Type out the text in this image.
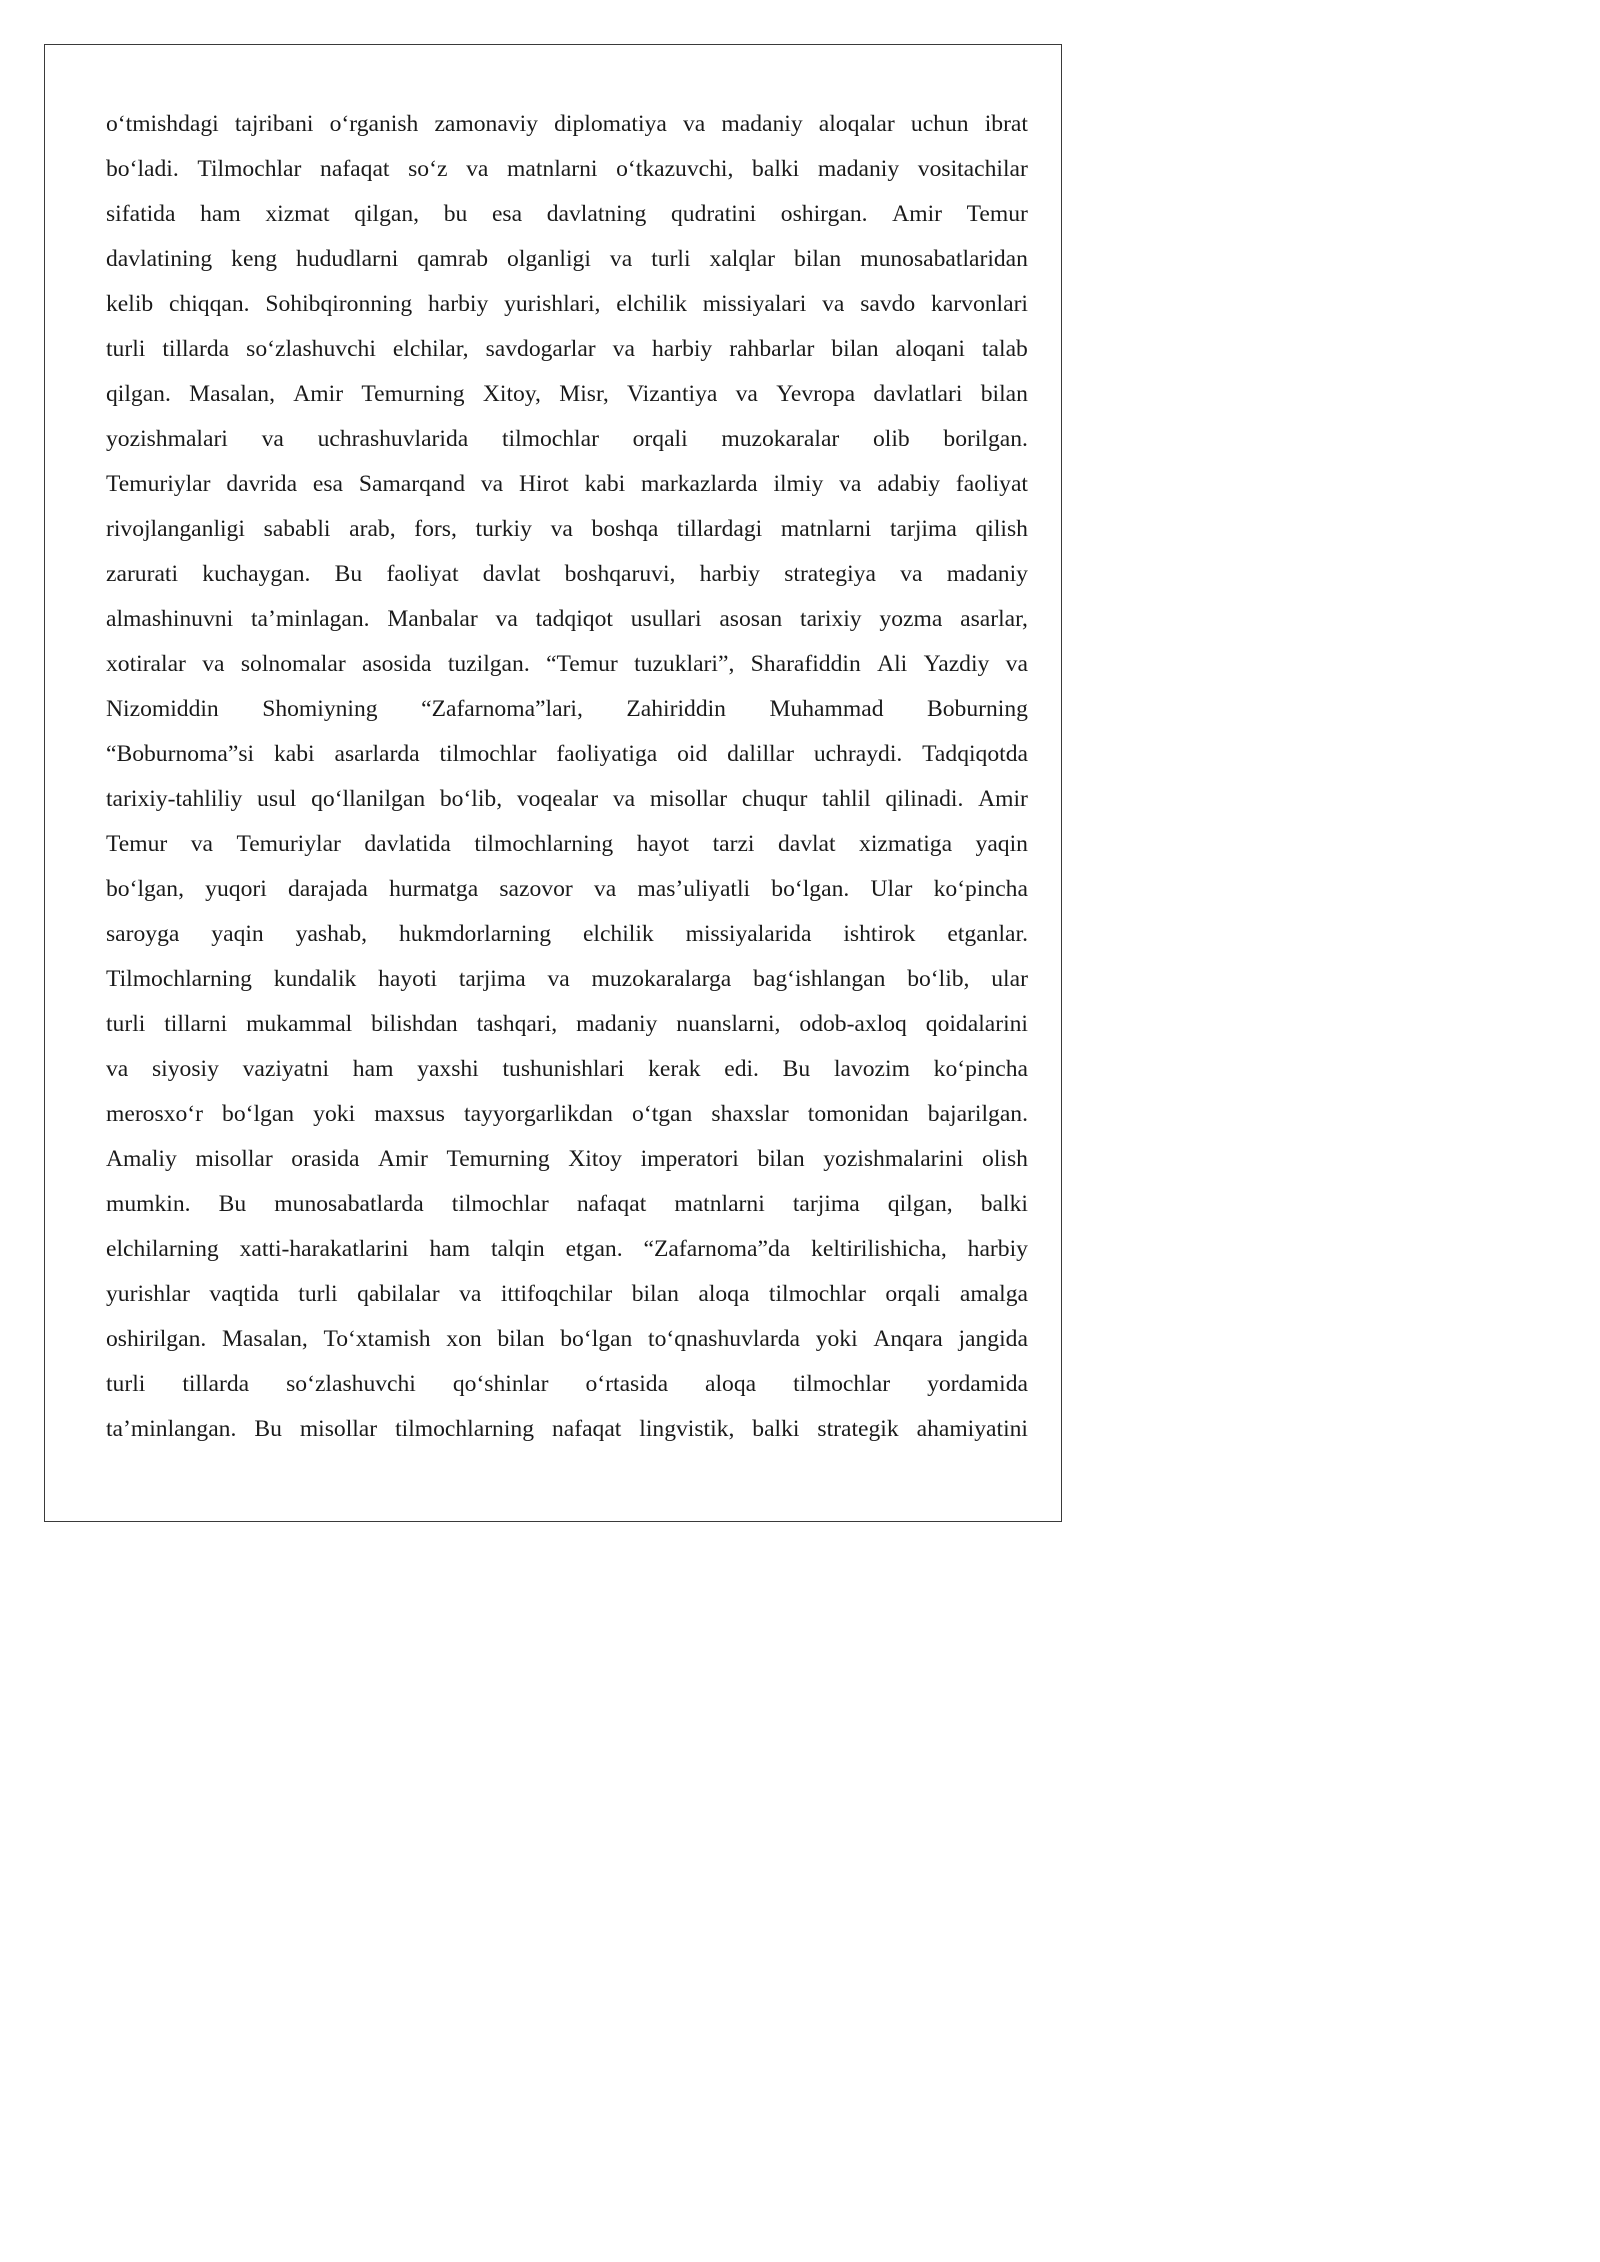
o‘tmishdagi tajribani o‘rganish zamonaviy diplomatiya va madaniy aloqalar uchun ibrat
bo‘ladi. Tilmochlar nafaqat so‘z va matnlarni o‘tkazuvchi, balki madaniy vositachilar
sifatida ham xizmat qilgan, bu esa davlatning qudratini oshirgan. Amir Temur
davlatining keng hududlarni qamrab olganligi va turli xalqlar bilan munosabatlaridan
kelib chiqqan. Sohibqironning harbiy yurishlari, elchilik missiyalari va savdo karvonlari
turli tillarda so‘zlashuvchi elchilar, savdogarlar va harbiy rahbarlar bilan aloqani talab
qilgan. Masalan, Amir Temurning Xitoy, Misr, Vizantiya va Yevropa davlatlari bilan
yozishmalari va uchrashuvlarida tilmochlar orqali muzokaralar olib borilgan.
Temuriylar davrida esa Samarqand va Hirot kabi markazlarda ilmiy va adabiy faoliyat
rivojlanganligi sababli arab, fors, turkiy va boshqa tillardagi matnlarni tarjima qilish
zarurati kuchaygan. Bu faoliyat davlat boshqaruvi, harbiy strategiya va madaniy
almashinuvni ta’minlagan. Manbalar va tadqiqot usullari asosan tarixiy yozma asarlar,
xotiralar va solnomalar asosida tuzilgan. “Temur tuzuklari”, Sharafiddin Ali Yazdiy va
Nizomiddin Shomiyning “Zafarnoma”lari, Zahiriddin Muhammad Boburning
“Boburnoma”si kabi asarlarda tilmochlar faoliyatiga oid dalillar uchraydi. Tadqiqotda
tarixiy-tahliliy usul qo‘llanilgan bo‘lib, voqealar va misollar chuqur tahlil qilinadi. Amir
Temur va Temuriylar davlatida tilmochlarning hayot tarzi davlat xizmatiga yaqin
bo‘lgan, yuqori darajada hurmatga sazovor va mas’uliyatli bo‘lgan. Ular ko‘pincha
saroyga yaqin yashab, hukmdorlarning elchilik missiyalarida ishtirok etganlar.
Tilmochlarning kundalik hayoti tarjima va muzokaralarga bag‘ishlangan bo‘lib, ular
turli tillarni mukammal bilishdan tashqari, madaniy nuanslarni, odob-axloq qoidalarini
va siyosiy vaziyatni ham yaxshi tushunishlari kerak edi. Bu lavozim ko‘pincha
merosxo‘r bo‘lgan yoki maxsus tayyorgarlikdan o‘tgan shaxslar tomonidan bajarilgan.
Amaliy misollar orasida Amir Temurning Xitoy imperatori bilan yozishmalarini olish
mumkin. Bu munosabatlarda tilmochlar nafaqat matnlarni tarjima qilgan, balki
elchilarning xatti-harakatlarini ham talqin etgan. “Zafarnoma”da keltirilishicha, harbiy
yurishlar vaqtida turli qabilalar va ittifoqchilar bilan aloqa tilmochlar orqali amalga
oshirilgan. Masalan, To‘xtamish xon bilan bo‘lgan to‘qnashuvlarda yoki Anqara jangida
turli tillarda so‘zlashuvchi qo‘shinlar o‘rtasida aloqa tilmochlar yordamida
ta’minlangan. Bu misollar tilmochlarning nafaqat lingvistik, balki strategik ahamiyatini
